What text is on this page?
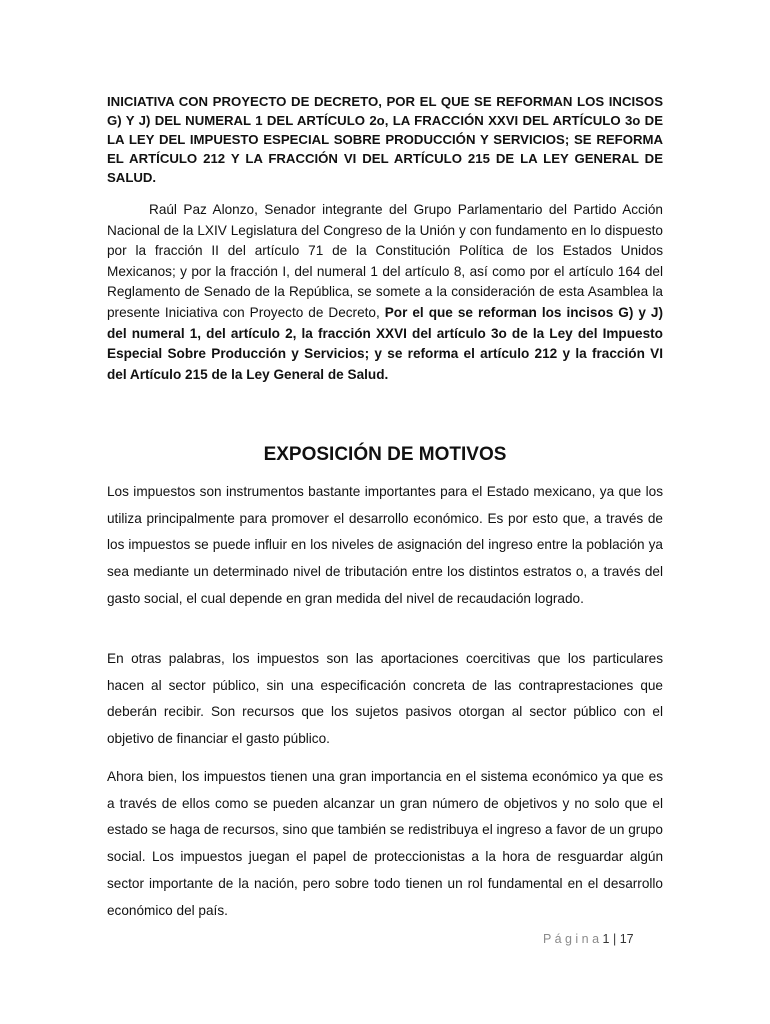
INICIATIVA CON PROYECTO DE DECRETO, POR EL QUE SE REFORMAN LOS INCISOS G) Y J) DEL NUMERAL 1 DEL ARTÍCULO 2o, LA FRACCIÓN XXVI DEL ARTÍCULO 3o DE LA LEY DEL IMPUESTO ESPECIAL SOBRE PRODUCCIÓN Y SERVICIOS; SE REFORMA EL ARTÍCULO 212 Y LA FRACCIÓN VI DEL ARTÍCULO 215 DE LA LEY GENERAL DE SALUD.

Raúl Paz Alonzo, Senador integrante del Grupo Parlamentario del Partido Acción Nacional de la LXIV Legislatura del Congreso de la Unión y con fundamento en lo dispuesto por la fracción II del artículo 71 de la Constitución Política de los Estados Unidos Mexicanos; y por la fracción I, del numeral 1 del artículo 8, así como por el artículo 164 del Reglamento de Senado de la República, se somete a la consideración de esta Asamblea la presente Iniciativa con Proyecto de Decreto, Por el que se reforman los incisos G) y J) del numeral 1, del artículo 2, la fracción XXVI del artículo 3o de la Ley del Impuesto Especial Sobre Producción y Servicios; y se reforma el artículo 212 y la fracción VI del Artículo 215 de la Ley General de Salud.

EXPOSICIÓN DE MOTIVOS

Los impuestos son instrumentos bastante importantes para el Estado mexicano, ya que los utiliza principalmente para promover el desarrollo económico. Es por esto que, a través de los impuestos se puede influir en los niveles de asignación del ingreso entre la población ya sea mediante un determinado nivel de tributación entre los distintos estratos o, a través del gasto social, el cual depende en gran medida del nivel de recaudación logrado.

En otras palabras, los impuestos son las aportaciones coercitivas que los particulares hacen al sector público, sin una especificación concreta de las contraprestaciones que deberán recibir. Son recursos que los sujetos pasivos otorgan al sector público con el objetivo de financiar el gasto público.

Ahora bien, los impuestos tienen una gran importancia en el sistema económico ya que es a través de ellos como se pueden alcanzar un gran número de objetivos y no solo que el estado se haga de recursos, sino que también se redistribuya el ingreso a favor de un grupo social. Los impuestos juegan el papel de proteccionistas a la hora de resguardar algún sector importante de la nación, pero sobre todo tienen un rol fundamental en el desarrollo económico del país.

P á g i n a 1 | 17
